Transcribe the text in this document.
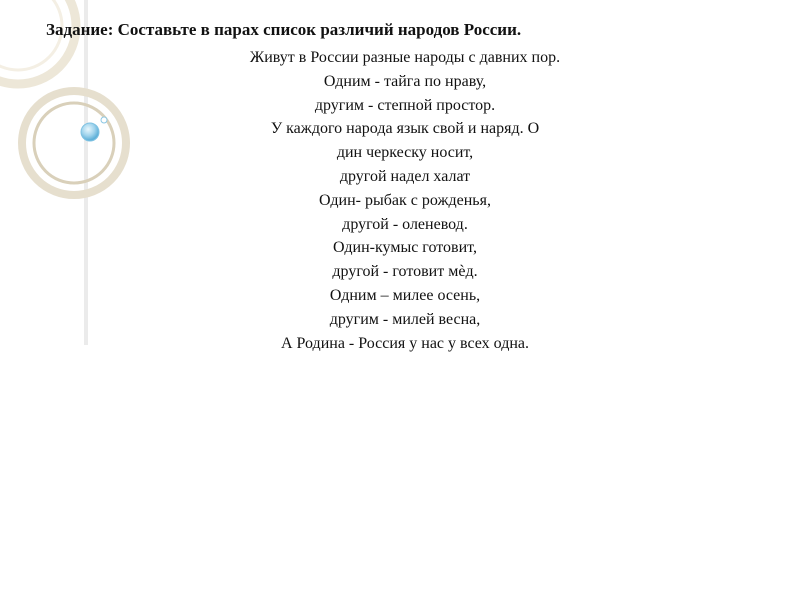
Задание: Составьте в парах список различий народов России.
Живут в России разные народы с давних пор.
Одним - тайга по нраву,
другим - степной простор.
У каждого народа язык свой и наряд. О
дин черкеску носит,
другой надел халат
Один- рыбак с рожденья,
другой - оленевод.
Один-кумыс готовит,
другой - готовит мѐд.
Одним – милее осень,
другим - милей весна,
А Родина - Россия у нас у всех одна.
